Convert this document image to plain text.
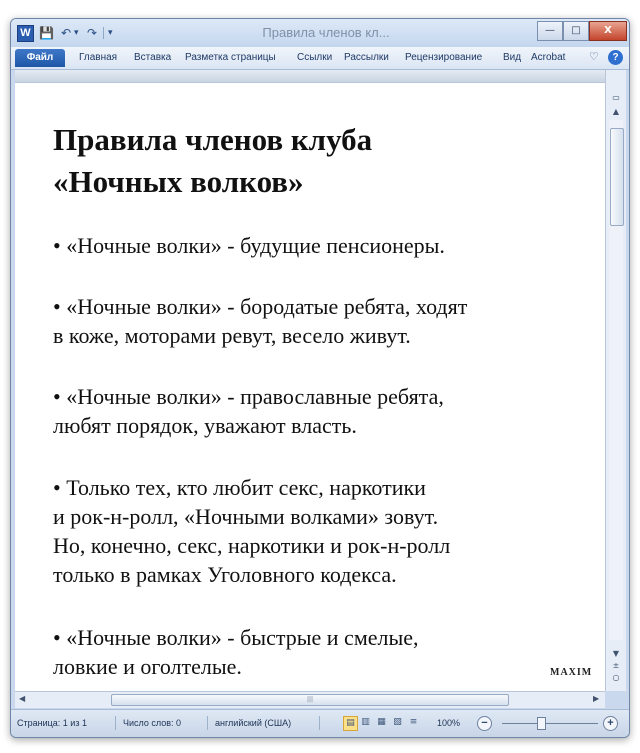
W 💾 ↶ ▾ ↷ ▾	Правила членов кл...	—	□	X
Файл	Главная Вставка Разметка страницы Ссылки Рассылки Рецензирование Вид Acrobat ♡	?
Правила членов клуба
«Ночных волков»
• «Ночные волки» - будущие пенсионеры.
• «Ночные волки» - бородатые ребята, ходят
в коже, моторами ревут, весело живут.
• «Ночные волки» - православные ребята,
любят порядок, уважают власть.
• Только тех, кто любит секс, наркотики
и рок-н-ролл, «Ночными волками» зовут.
Но, конечно, секс, наркотики и рок-н-ролл
только в рамках Уголовного кодекса.
• «Ночные волки» - быстрые и смелые,
ловкие и оголтелые.	MAXIM
▭
▲
▼
±
○
◀	|||	▶
Страница: 1 из 1	Число слов: 0	английский (США)	▤ ▥ ▦ ▧ ≡	100%	−	+
